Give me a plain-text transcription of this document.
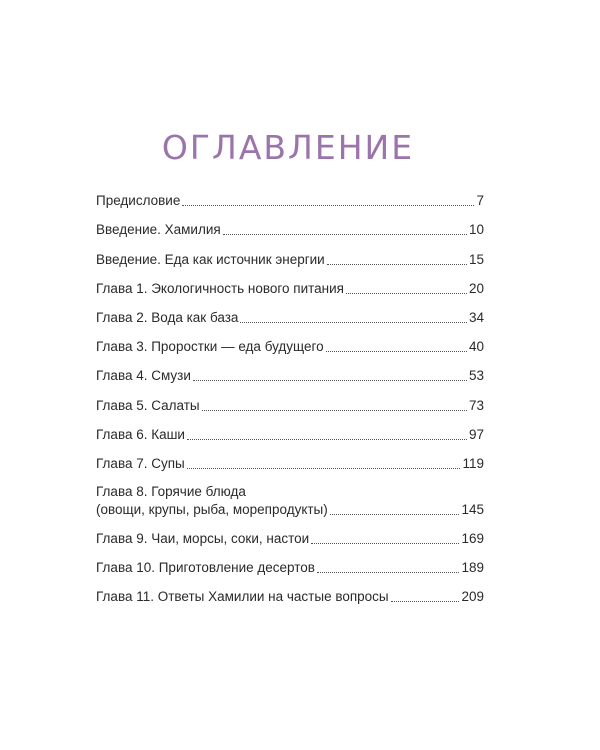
ОГЛАВЛЕНИЕ
Предисловие	7
Введение. Хамилия	10
Введение. Еда как источник энергии	15
Глава 1. Экологичность нового питания	20
Глава 2. Вода как база	34
Глава 3. Проростки — еда будущего	40
Глава 4. Смузи	53
Глава 5. Салаты	73
Глава 6. Каши	97
Глава 7. Супы	119
Глава 8. Горячие блюда
(овощи, крупы, рыба, морепродукты)	145
Глава 9. Чаи, морсы, соки, настои	169
Глава 10. Приготовление десертов	189
Глава 11. Ответы Хамилии на частые вопросы	209
